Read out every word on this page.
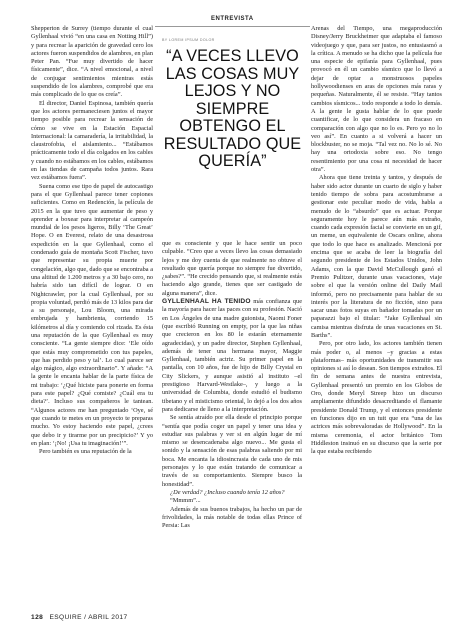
ENTREVISTA

Shepperton de Surrey (tiempo durante el cual Gyllenhaal vivió “en una casa en Notting Hill”) y para recrear la aparición de gravedad cero los actores fueron suspendidos de alambres, en plan Peter Pan. “Fue muy divertido de hacer físicamente”, dice. “A nivel emocional, a nivel de conjugar sentimientos mientras estás suspendido de los alambres, comprobé que era más complicado de lo que os creía”.

El director, Daniel Espinosa, también quería que los actores permaneciesen juntos el mayor tiempo posible para recrear la sensación de cómo se vive en la Estación Espacial Internacional: la camaradería, la irritabilidad, la claustrofobia, el aislamiento... “Estábamos prácticamente todo el día colgados en los cables y cuando no estábamos en los cables, estábamos en las tiendas de campaña todos juntos. Rara vez estábamos fuera”.

Suena como ese tipo de papel de autocastigo para el que Gyllenhaal parece tener copiones suficientes. Como en Redención, la película de 2015 en la que tuvo que aumentar de peso y aprender a boxear para interpretar al campeón mundial de los pesos ligeros, Billy ‘The Great’ Hope. O en Everest, relato de una desastrosa expedición en la que Gyllenhaal, como el condenado guía de montaña Scott Fischer, tuvo que representar su propia muerte por congelación, algo que, dado que se encontraba a una altitud de 1.200 metros y a 30 bajo cero, no habría sido tan difícil de lograr. O en Nightcrawler, por la cual Gyllenhaal, por su propia voluntad, perdió más de 13 kilos para dar a su personaje, Lou Bloom, una mirada embrujada y hambrienta, corriendo 15 kilómetros al día y comiendo col rizada. Es ésta una reputación de la que Gyllenhaal es muy consciente. “La gente siempre dice: ‘Ele oído que estás muy comprometido con tus papeles, que has perdido peso y tal’. Lo cual parece ser algo mágico, algo extraordinario”. Y añade: “A la gente le encanta hablar de la parte física de mi trabajo: ‘¿Qué hiciste para ponerte en forma para este papel? ¿Qué comiste? ¿Cuál era tu dieta?’. Incluso sus compañeros le tantean. “Algunos actores me han preguntado ‘Oye, sé que cuando te metes en un proyecto te preparas mucho. Yo estoy haciendo este papel, ¿crees que debo ir y tirarme por un precipicio?’ Y yo en plan: ‘¡No! ¡Usa tu imaginación!’”.

Pero también es una reputación de la

BY LOREM IPSUM DOLOR
“A VECES LLEVO LAS COSAS MUY LEJOS Y NO SIEMPRE OBTENGO EL RESULTADO QUE QUERÍA”

que es consciente y que le hace sentir un poco culpable. “Creo que a veces llevo las cosas demasiado lejos y me doy cuenta de que realmente no obtuve el resultado que quería porque no siempre fue divertido, ¿sabes?”. “He crecido pensando que, si realmente estás haciendo algo grande, tienes que ser castigado de alguna manera”, dice.

GYLLENHAAL HA TENIDO más confianza que la mayoría para hacer las paces con su profesión. Nació en Los Ángeles de una madre guionista, Naomi Foner (que escribió Running on empty, por la que las niñas que crecieron en los 80 le estarán eternamente agradecidas), y un padre director, Stephen Gyllenhaal, además de tener una hermana mayor, Maggie Gyllenhaal, también actriz. Su primer papel en la pantalla, con 10 años, fue de hijo de Billy Crystal en City Slickers, y aunque asistió al instituto –el prestigioso Harvard-Westlake–, y luego a la universidad de Columbia, donde estudió el budismo tibetano y el misticismo oriental, lo dejó a los dos años para dedicarse de lleno a la interpretación.

Se sentía atraído por ella desde el principio porque “sentía que podía coger un papel y tener una idea y estudiar sus palabras y ver si en algún lugar de mí mismo se desencadenaba algo nuevo... Me gusta el sonido y la sensación de esas palabras saliendo por mi boca. Me encanta la idiosincrasia de cada uno de mis personajes y lo que están tratando de comunicar a través de su comportamiento. Siempre busco la honestidad”.

¿De verdad? ¿Incluso cuando tenía 12 años?

“Mmmm”...

Además de sus buenos trabajos, ha hecho un par de frivolidades, la más notable de todas ellas Prince of Persia: Las

Arenas del Tiempo, una megaproducción Disney/Jerry Bruckheimer que adaptaba el famoso videojuego y que, para ser justos, no entusiasmó a la crítica. A menudo se ha dicho que la película fue una especie de epifanía para Gyllenhaal, pues provocó en él un cambio sísmico que lo llevó a dejar de optar a monstruosos papeles hollywoodienses en aras de opciones más raras y pequeñas. Naturalmente, él se resiste. “Hay tantos cambios sísmicos... todo responde a todo lo demás. A la gente le gusta hablar de lo que puede cuantificar, de lo que considera un fracaso en comparación con algo que no lo es. Pero yo no lo veo así”. En cuanto a si volverá a hacer un blockbuster, no se moja. “Tal vez no. No lo sé. No hay una ortodoxia sobre eso. No tengo resentimiento por una cosa ni necesidad de hacer otra”.

Ahora que tiene treinta y tantos, y después de haber sido actor durante un cuarto de siglo y haber tenido tiempo de sobra para acostumbrarse a gestionar este peculiar modo de vida, habla a menudo de lo “absurdo” que es actuar. Porque seguramente hoy le parece aún más extraño, cuando cada expresión facial se convierte en un gif, un meme, un equivalente de Oscars online, ahora que todo lo que hace es analizado. Mencioná por encima que se acaba de leer la biografía del segundo presidente de los Estados Unidos, John Adams, con la que David McCullough ganó el Premio Pulitzer, durante unas vacaciones, viaje sobre el que la versión online del Daily Mail informó, pero no precisamente para hablar de su interés por la literatura de no ficción, sino para sacar unas fotos suyas en bañador tomadas por un paparazzi bajo el titular: “Jake Gyllenhaal sin camisa mientras disfruta de unas vacaciones en St. Barths”.

Pero, por otro lado, los actores también tienen más poder o, al menos –y gracias a estas plataformas– más oportunidades de transmitir sus opiniones si así lo desean. Son tiempos extraños. El fin de semana antes de nuestra entrevista, Gyllenhaal presentó un premio en los Globos de Oro, donde Meryl Streep hizo un discurso ampliamente difundido desacreditando el flamante presidente Donald Trump, y el entonces presidente en funciones dijo en un tuit que era “una de las actrices más sobrevaloradas de Hollywood”. En la misma ceremonia, el actor británico Tom Hiddleston insinuó en su discurso que la serie por la que estaba recibiendo

128 ESQUIRE / ABRIL 2017
